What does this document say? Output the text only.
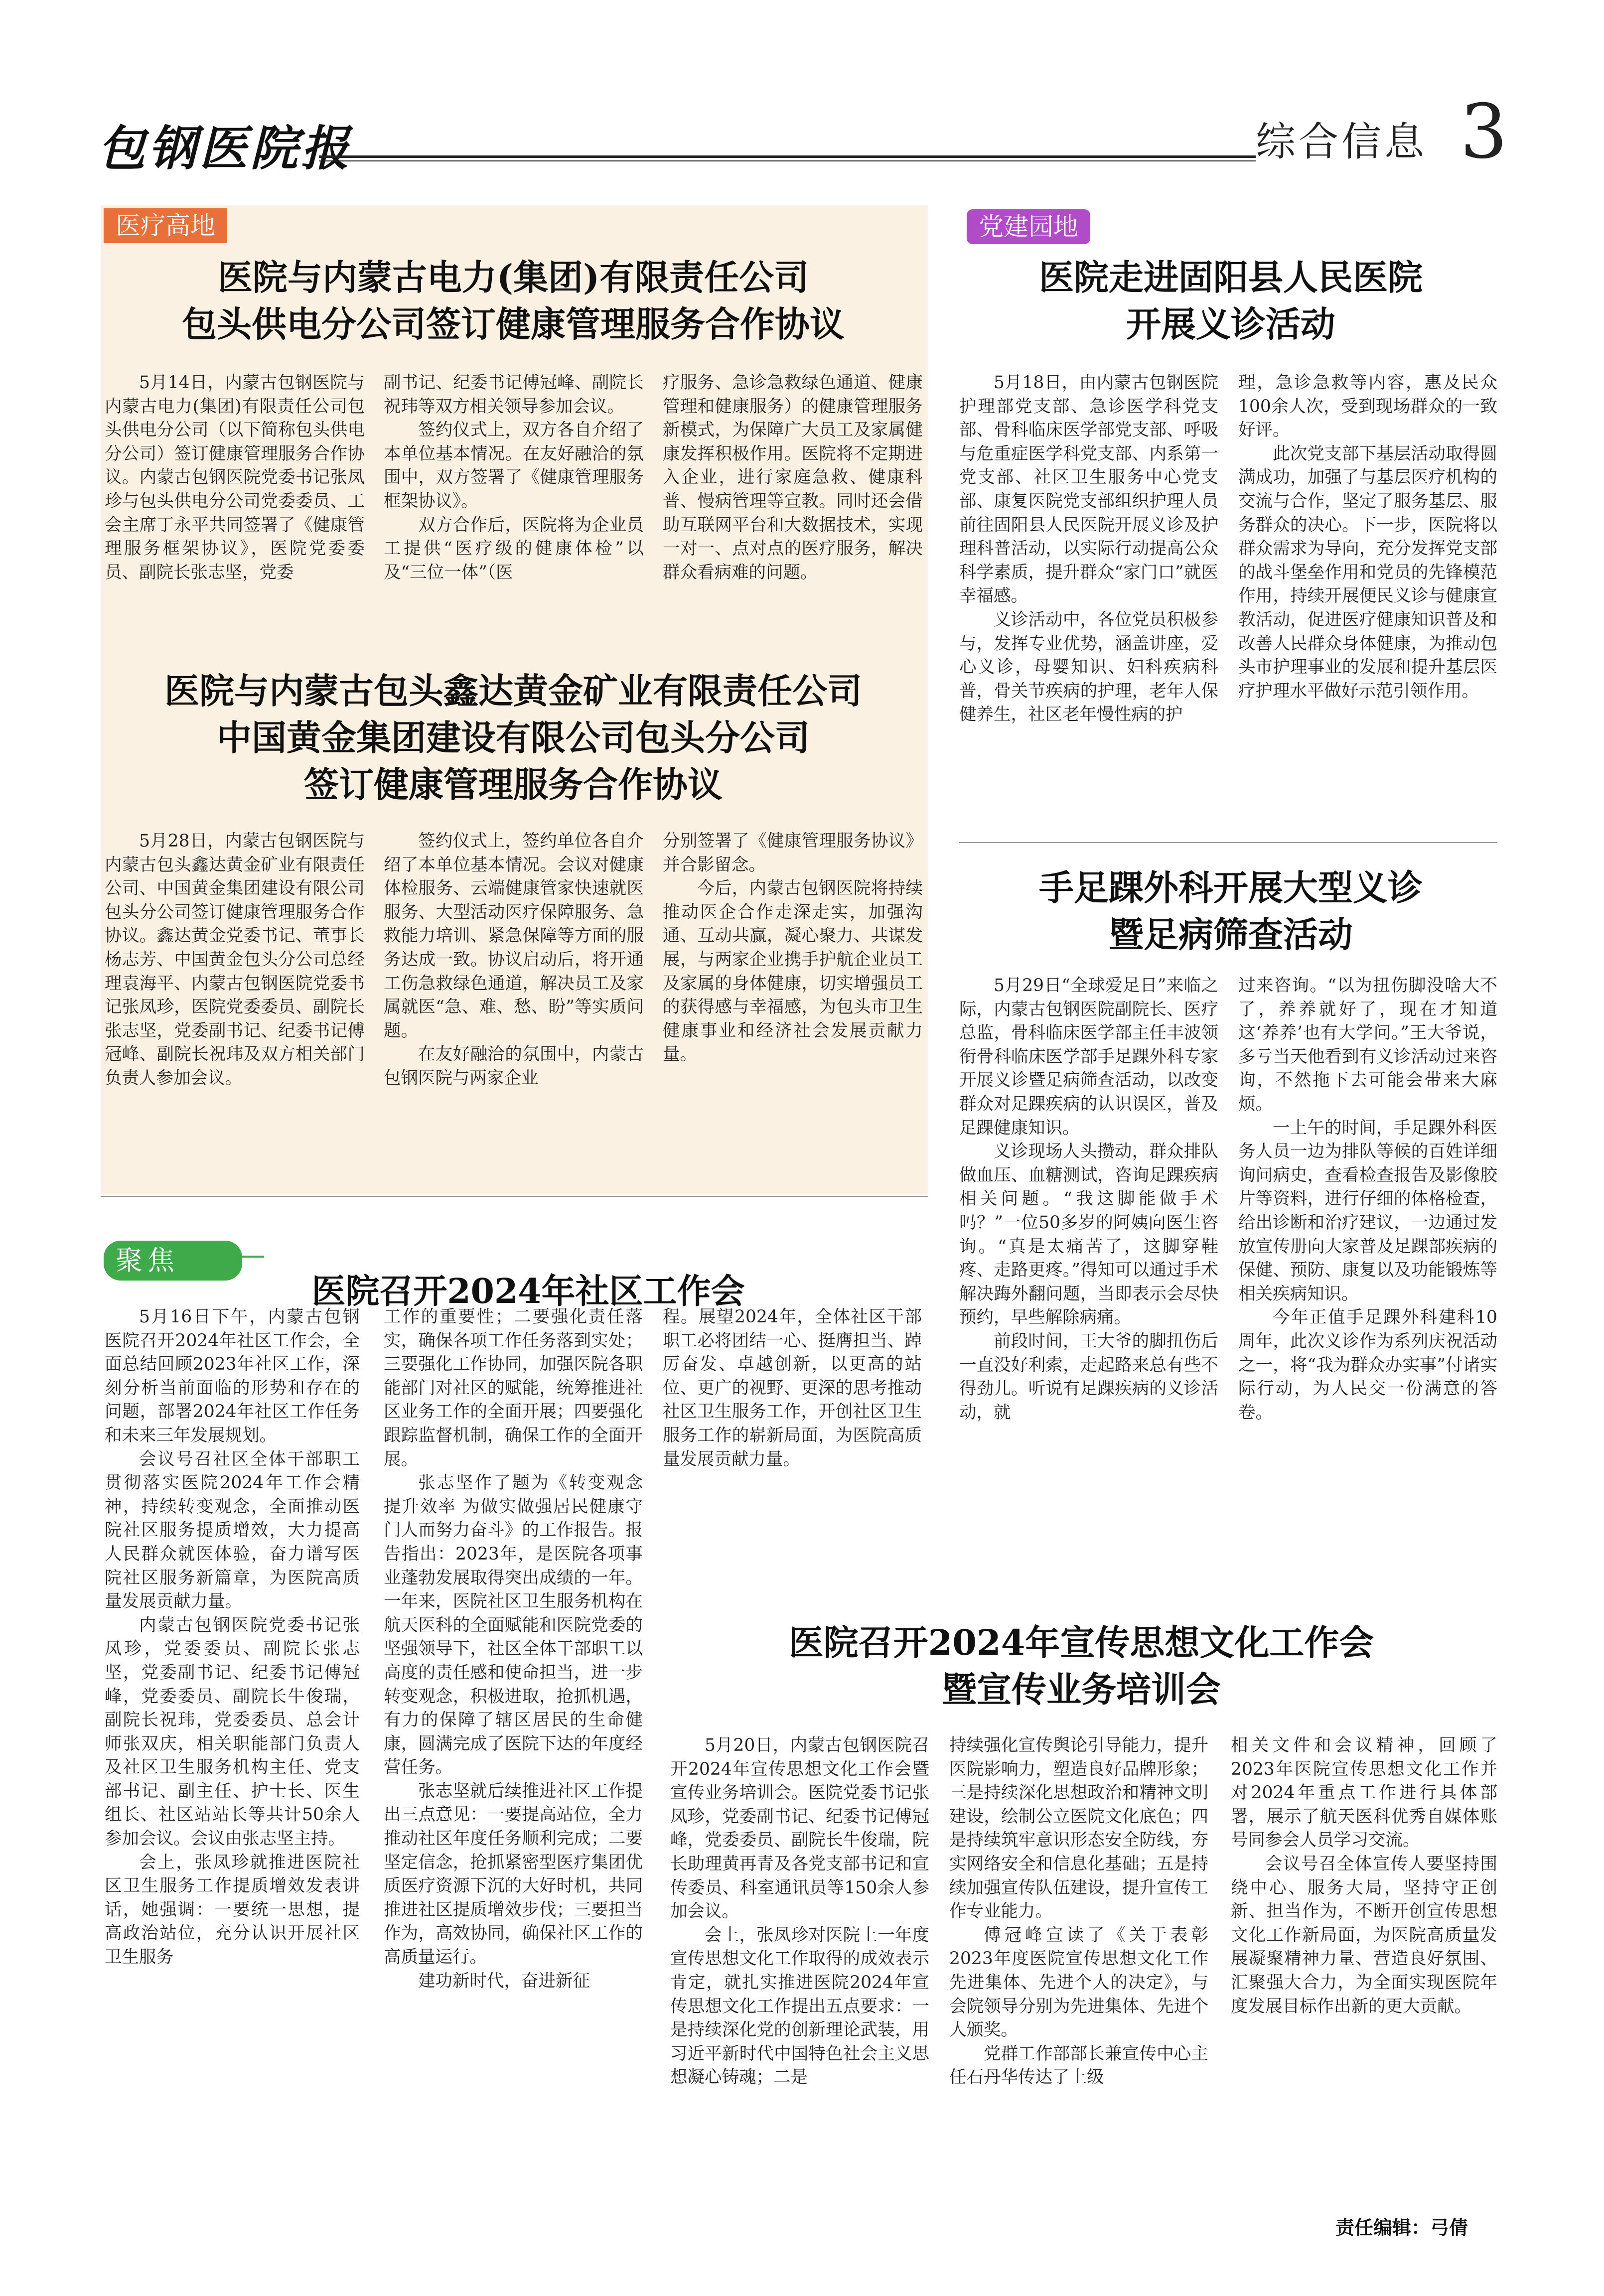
包钢医院报	综合信息 3
医疗高地
医院与内蒙古电力(集团)有限责任公司
包头供电分公司签订健康管理服务合作协议

5月14日，内蒙古包钢医院与内蒙古电力(集团)有限责任公司包头供电分公司（以下简称包头供电分公司）签订健康管理服务合作协议。内蒙古包钢医院党委书记张凤珍与包头供电分公司党委委员、工会主席丁永平共同签署了《健康管理服务框架协议》，医院党委委员、副院长张志坚，党委

副书记、纪委书记傅冠峰、副院长祝玮等双方相关领导参加会议。

签约仪式上，双方各自介绍了本单位基本情况。在友好融洽的氛围中，双方签署了《健康管理服务框架协议》。

双方合作后，医院将为企业员工提供“医疗级的健康体检”以及“三位一体”（医

疗服务、急诊急救绿色通道、健康管理和健康服务）的健康管理服务新模式，为保障广大员工及家属健康发挥积极作用。医院将不定期进入企业，进行家庭急救、健康科普、慢病管理等宣教。同时还会借助互联网平台和大数据技术，实现一对一、点对点的医疗服务，解决群众看病难的问题。

医院与内蒙古包头鑫达黄金矿业有限责任公司
中国黄金集团建设有限公司包头分公司
签订健康管理服务合作协议

5月28日，内蒙古包钢医院与内蒙古包头鑫达黄金矿业有限责任公司、中国黄金集团建设有限公司包头分公司签订健康管理服务合作协议。鑫达黄金党委书记、董事长杨志芳、中国黄金包头分公司总经理袁海平、内蒙古包钢医院党委书记张凤珍，医院党委委员、副院长张志坚，党委副书记、纪委书记傅冠峰、副院长祝玮及双方相关部门负责人参加会议。

签约仪式上，签约单位各自介绍了本单位基本情况。会议对健康体检服务、云端健康管家快速就医服务、大型活动医疗保障服务、急救能力培训、紧急保障等方面的服务达成一致。协议启动后，将开通工伤急救绿色通道，解决员工及家属就医“急、难、愁、盼”等实质问题。

在友好融洽的氛围中，内蒙古包钢医院与两家企业

分别签署了《健康管理服务协议》并合影留念。

今后，内蒙古包钢医院将持续推动医企合作走深走实，加强沟通、互动共赢，凝心聚力、共谋发展，与两家企业携手护航企业员工及家属的身体健康，切实增强员工的获得感与幸福感，为包头市卫生健康事业和经济社会发展贡献力量。

党建园地
医院走进固阳县人民医院
开展义诊活动

5月18日，由内蒙古包钢医院护理部党支部、急诊医学科党支部、骨科临床医学部党支部、呼吸与危重症医学科党支部、内系第一党支部、社区卫生服务中心党支部、康复医院党支部组织护理人员前往固阳县人民医院开展义诊及护理科普活动，以实际行动提高公众科学素质，提升群众“家门口”就医幸福感。

义诊活动中，各位党员积极参与，发挥专业优势，涵盖讲座，爱心义诊，母婴知识、妇科疾病科普，骨关节疾病的护理，老年人保健养生，社区老年慢性病的护

理，急诊急救等内容，惠及民众100余人次，受到现场群众的一致好评。

此次党支部下基层活动取得圆满成功，加强了与基层医疗机构的交流与合作，坚定了服务基层、服务群众的决心。下一步，医院将以群众需求为导向，充分发挥党支部的战斗堡垒作用和党员的先锋模范作用，持续开展便民义诊与健康宣教活动，促进医疗健康知识普及和改善人民群众身体健康，为推动包头市护理事业的发展和提升基层医疗护理水平做好示范引领作用。

手足踝外科开展大型义诊
暨足病筛查活动

5月29日“全球爱足日”来临之际，内蒙古包钢医院副院长、医疗总监，骨科临床医学部主任丰波领衔骨科临床医学部手足踝外科专家开展义诊暨足病筛查活动，以改变群众对足踝疾病的认识误区，普及足踝健康知识。

义诊现场人头攒动，群众排队做血压、血糖测试，咨询足踝疾病相关问题。“我这脚能做手术吗？”一位50多岁的阿姨向医生咨询。“真是太痛苦了，这脚穿鞋疼、走路更疼。”得知可以通过手术解决踇外翻问题，当即表示会尽快预约，早些解除病痛。

前段时间，王大爷的脚扭伤后一直没好利索，走起路来总有些不得劲儿。听说有足踝疾病的义诊活动，就

过来咨询。“以为扭伤脚没啥大不了，养养就好了，现在才知道这‘养养’也有大学问。”王大爷说，多亏当天他看到有义诊活动过来咨询，不然拖下去可能会带来大麻烦。

一上午的时间，手足踝外科医务人员一边为排队等候的百姓详细询问病史，查看检查报告及影像胶片等资料，进行仔细的体格检查，给出诊断和治疗建议，一边通过发放宣传册向大家普及足踝部疾病的保健、预防、康复以及功能锻炼等相关疾病知识。

今年正值手足踝外科建科10周年，此次义诊作为系列庆祝活动之一，将“我为群众办实事”付诸实际行动，为人民交一份满意的答卷。

聚焦
医院召开2024年社区工作会

5月16日下午，内蒙古包钢医院召开2024年社区工作会，全面总结回顾2023年社区工作，深刻分析当前面临的形势和存在的问题，部署2024年社区工作任务和未来三年发展规划。

会议号召社区全体干部职工贯彻落实医院2024年工作会精神，持续转变观念，全面推动医院社区服务提质增效，大力提高人民群众就医体验，奋力谱写医院社区服务新篇章，为医院高质量发展贡献力量。

内蒙古包钢医院党委书记张凤珍，党委委员、副院长张志坚，党委副书记、纪委书记傅冠峰，党委委员、副院长牛俊瑞，副院长祝玮，党委委员、总会计师张双庆，相关职能部门负责人及社区卫生服务机构主任、党支部书记、副主任、护士长、医生组长、社区站站长等共计50余人参加会议。会议由张志坚主持。

会上，张凤珍就推进医院社区卫生服务工作提质增效发表讲话，她强调：一要统一思想，提高政治站位，充分认识开展社区卫生服务

工作的重要性；二要强化责任落实，确保各项工作任务落到实处；三要强化工作协同，加强医院各职能部门对社区的赋能，统筹推进社区业务工作的全面开展；四要强化跟踪监督机制，确保工作的全面开展。

张志坚作了题为《转变观念 提升效率 为做实做强居民健康守门人而努力奋斗》的工作报告。报告指出：2023年，是医院各项事业蓬勃发展取得突出成绩的一年。一年来，医院社区卫生服务机构在航天医科的全面赋能和医院党委的坚强领导下，社区全体干部职工以高度的责任感和使命担当，进一步转变观念，积极进取，抢抓机遇，有力的保障了辖区居民的生命健康，圆满完成了医院下达的年度经营任务。

张志坚就后续推进社区工作提出三点意见：一要提高站位，全力推动社区年度任务顺利完成；二要坚定信念，抢抓紧密型医疗集团优质医疗资源下沉的大好时机，共同推进社区提质增效步伐；三要担当作为，高效协同，确保社区工作的高质量运行。

建功新时代，奋进新征

程。展望2024年，全体社区干部职工必将团结一心、挺膺担当、踔厉奋发、卓越创新，以更高的站位、更广的视野、更深的思考推动社区卫生服务工作，开创社区卫生服务工作的崭新局面，为医院高质量发展贡献力量。

医院召开2024年宣传思想文化工作会
暨宣传业务培训会

5月20日，内蒙古包钢医院召开2024年宣传思想文化工作会暨宣传业务培训会。医院党委书记张凤珍，党委副书记、纪委书记傅冠峰，党委委员、副院长牛俊瑞，院长助理黄再青及各党支部书记和宣传委员、科室通讯员等150余人参加会议。

会上，张凤珍对医院上一年度宣传思想文化工作取得的成效表示肯定，就扎实推进医院2024年宣传思想文化工作提出五点要求：一是持续深化党的创新理论武装，用习近平新时代中国特色社会主义思想凝心铸魂；二是

持续强化宣传舆论引导能力，提升医院影响力，塑造良好品牌形象；三是持续深化思想政治和精神文明建设，绘制公立医院文化底色；四是持续筑牢意识形态安全防线，夯实网络安全和信息化基础；五是持续加强宣传队伍建设，提升宣传工作专业能力。

傅冠峰宣读了《关于表彰2023年度医院宣传思想文化工作先进集体、先进个人的决定》，与会院领导分别为先进集体、先进个人颁奖。

党群工作部部长兼宣传中心主任石丹华传达了上级

相关文件和会议精神，回顾了2023年医院宣传思想文化工作并对2024年重点工作进行具体部署，展示了航天医科优秀自媒体账号同参会人员学习交流。

会议号召全体宣传人要坚持围绕中心、服务大局，坚持守正创新、担当作为，不断开创宣传思想文化工作新局面，为医院高质量发展凝聚精神力量、营造良好氛围、汇聚强大合力，为全面实现医院年度发展目标作出新的更大贡献。

责任编辑：弓倩
